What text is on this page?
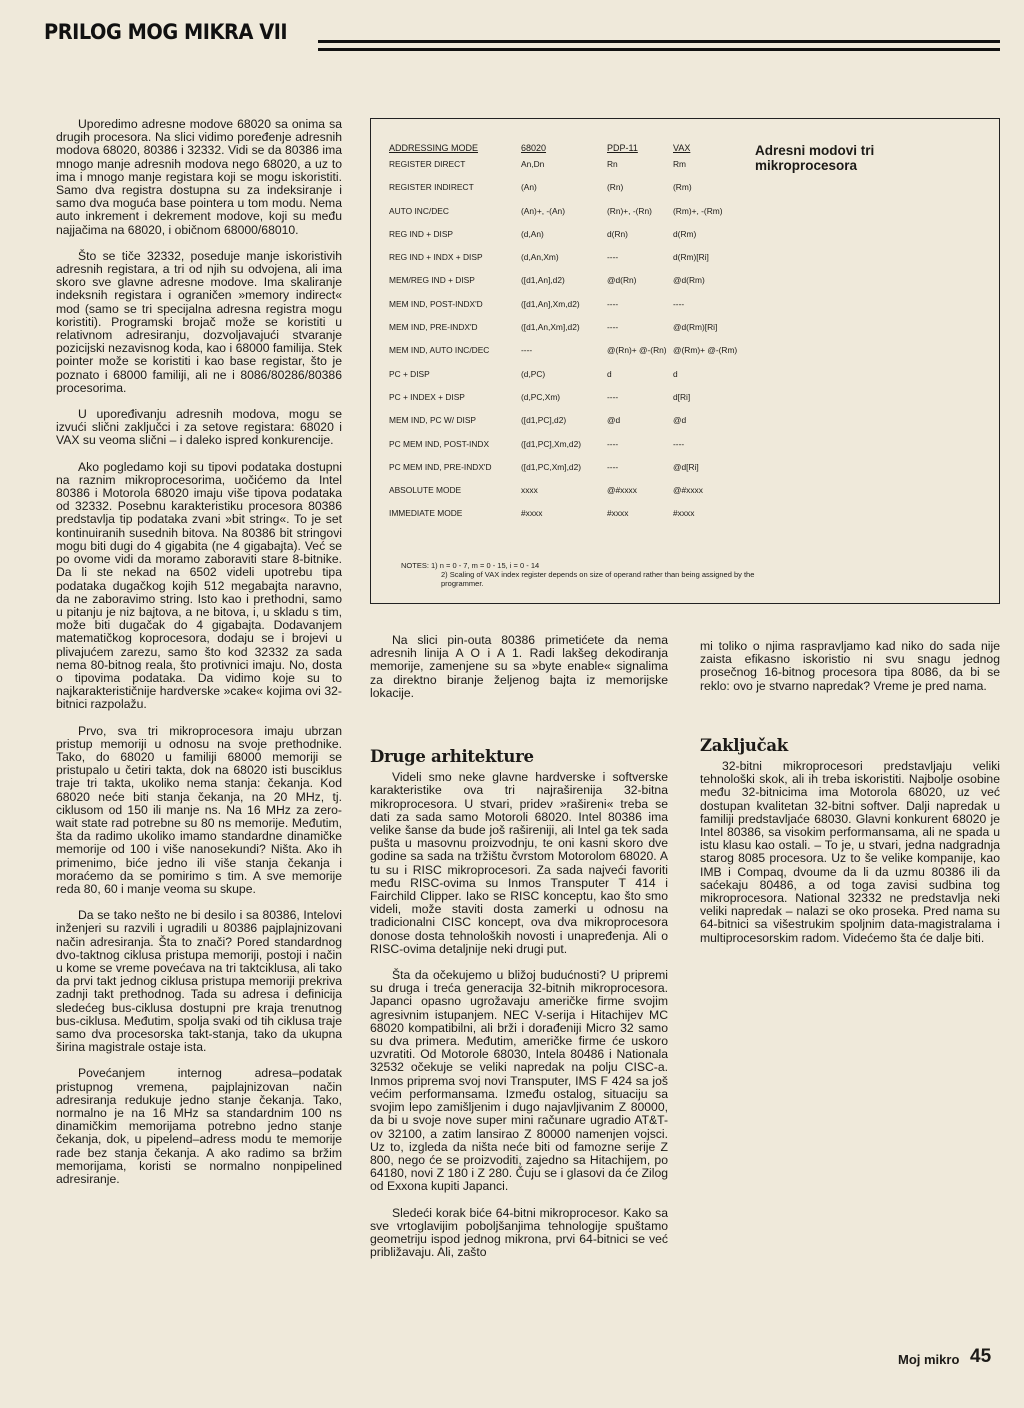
PRILOG MOG MIKRA VII

Uporedimo adresne modove 68020 sa onima sa drugih procesora. Na slici vidimo poređenje adresnih modova 68020, 80386 i 32332. Vidi se da 80386 ima mnogo manje adresnih modova nego 68020, a uz to ima i mnogo manje registara koji se mogu iskoristiti. Samo dva registra dostupna su za indeksiranje i samo dva moguća base pointera u tom modu. Nema auto inkrement i dekrement modove, koji su među najjačima na 68020, i običnom 68000/68010.

Što se tiče 32332, poseduje manje iskoristivih adresnih registara, a tri od njih su odvojena, ali ima skoro sve glavne adresne modove. Ima skaliranje indeksnih registara i ograničen »memory indirect« mod (samo se tri specijalna adresna registra mogu koristiti). Programski brojač može se koristiti u relativnom adresiranju, dozvoljavajući stvaranje pozicijski nezavisnog koda, kao i 68000 familija. Stek pointer može se koristiti i kao base registar, što je poznato i 68000 familiji, ali ne i 8086/80286/80386 procesorima.

U upoređivanju adresnih modova, mogu se izvući slični zaključci i za setove registara: 68020 i VAX su veoma slični – i daleko ispred konkurencije.

Ako pogledamo koji su tipovi podataka dostupni na raznim mikroprocesorima, uočićemo da Intel 80386 i Motorola 68020 imaju više tipova podataka od 32332. Posebnu karakteristiku procesora 80386 predstavlja tip podataka zvani »bit string«. To je set kontinuiranih susednih bitova. Na 80386 bit stringovi mogu biti dugi do 4 gigabita (ne 4 gigabajta). Već se po ovome vidi da moramo zaboraviti stare 8-bitnike. Da li ste nekad na 6502 videli upotrebu tipa podataka dugačkog kojih 512 megabajta naravno, da ne zaboravimo string. Isto kao i prethodni, samo u pitanju je niz bajtova, a ne bitova, i, u skladu s tim, može biti dugačak do 4 gigabajta. Dodavanjem matematičkog koprocesora, dodaju se i brojevi u plivajućem zarezu, samo što kod 32332 za sada nema 80-bitnog reala, što protivnici imaju. No, dosta o tipovima podataka. Da vidimo koje su to najkarakterističnije hardverske »cake« kojima ovi 32-bitnici razpolažu.

Prvo, sva tri mikroprocesora imaju ubrzan pristup memoriji u odnosu na svoje prethodnike. Tako, do 68020 u familiji 68000 memoriji se pristupalo u četiri takta, dok na 68020 isti busciklus traje tri takta, ukoliko nema stanja: čekanja. Kod 68020 neće biti stanja čekanja, na 20 MHz, tj. ciklusom od 150 ili manje ns. Na 16 MHz za zero-wait state rad potrebne su 80 ns memorije. Međutim, šta da radimo ukoliko imamo standardne dinamičke memorije od 100 i više nanosekundi? Ništa. Ako ih primenimo, biće jedno ili više stanja čekanja i moraćemo da se pomirimo s tim. A sve memorije reda 80, 60 i manje veoma su skupe.

Da se tako nešto ne bi desilo i sa 80386, Intelovi inženjeri su razvili i ugradili u 80386 pajplajnizovani način adresiranja. Šta to znači? Pored standardnog dvo-taktnog ciklusa pristupa memoriji, postoji i način u kome se vreme povećava na tri taktciklusa, ali tako da prvi takt jednog ciklusa pristupa memoriji prekriva zadnji takt prethodnog. Tada su adresa i definicija sledećeg bus-ciklusa dostupni pre kraja trenutnog bus-ciklusa. Međutim, spolja svaki od tih ciklusa traje samo dva procesorska takt-stanja, tako da ukupna širina magistrale ostaje ista.

Povećanjem internog adresa–podatak pristupnog vremena, pajplajnizovan način adresiranja redukuje jedno stanje čekanja. Tako, normalno je na 16 MHz sa standardnim 100 ns dinamičkim memorijama potrebno jedno stanje čekanja, dok, u pipelend–adress modu te memorije rade bez stanja čekanja. A ako radimo sa bržim memorijama, koristi se normalno nonpipelined adresiranje.

Adresni modovi tri mikroprocesora
ADDRESSING MODE	68020	PDP-11	VAX
REGISTER DIRECT	An,Dn	Rn	Rm
REGISTER INDIRECT	(An)	(Rn)	(Rm)
AUTO INC/DEC	(An)+, -(An)	(Rn)+, -(Rn)	(Rm)+, -(Rm)
REG IND + DISP	(d,An)	d(Rn)	d(Rm)
REG IND + INDX + DISP	(d,An,Xm)	----	d(Rm)[Ri]
MEM/REG IND + DISP	([d1,An],d2)	@d(Rn)	@d(Rm)
MEM IND, POST-INDX'D	([d1,An],Xm,d2)	----	----
MEM IND, PRE-INDX'D	([d1,An,Xm],d2)	----	@d(Rm)[Ri]
MEM IND, AUTO INC/DEC	----	@(Rn)+ @-(Rn)	@(Rm)+ @-(Rm)
PC + DISP	(d,PC)	d	d
PC + INDEX + DISP	(d,PC,Xm)	----	d[Ri]
MEM IND, PC W/ DISP	([d1,PC],d2)	@d	@d
PC MEM IND, POST-INDX	([d1,PC],Xm,d2)	----	----
PC MEM IND, PRE-INDX'D	([d1,PC,Xm],d2)	----	@d[Ri]
ABSOLUTE MODE	xxxx	@#xxxx	@#xxxx
IMMEDIATE MODE	#xxxx	#xxxx	#xxxx
NOTES: 1) n = 0 - 7, m = 0 - 15, i = 0 - 14
2) Scaling of VAX index register depends on size of operand rather than being assigned by the programmer.

Na slici pin-outa 80386 primetićete da nema adresnih linija A O i A 1. Radi lakšeg dekodiranja memorije, zamenjene su sa »byte enable« signalima za direktno biranje željenog bajta iz memorijske lokacije.

Druge arhitekture

Videli smo neke glavne hardverske i softverske karakteristike ova tri najraširenija 32-bitna mikroprocesora. U stvari, pridev »rašireni« treba se dati za sada samo Motoroli 68020. Intel 80386 ima velike šanse da bude još rašireniji, ali Intel ga tek sada pušta u masovnu proizvodnju, te oni kasni skoro dve godine sa sada na tržištu čvrstom Motorolom 68020. A tu su i RISC mikroprocesori. Za sada najveći favoriti među RISC-ovima su Inmos Transputer T 414 i Fairchild Clipper. Iako se RISC konceptu, kao što smo videli, može staviti dosta zamerki u odnosu na tradicionalni CISC koncept, ova dva mikroprocesora donose dosta tehnoloških novosti i unapređenja. Ali o RISC-ovima detaljnije neki drugi put.

Šta da očekujemo u bližoj budućnosti? U pripremi su druga i treća generacija 32-bitnih mikroprocesora. Japanci opasno ugrožavaju američke firme svojim agresivnim istupanjem. NEC V-serija i Hitachijev MC 68020 kompatibilni, ali brži i dorađeniji Micro 32 samo su dva primera. Međutim, američke firme će uskoro uzvratiti. Od Motorole 68030, Intela 80486 i Nationala 32532 očekuje se veliki napredak na polju CISC-a. Inmos priprema svoj novi Transputer, IMS F 424 sa još većim performansama. Između ostalog, situaciju sa svojim lepo zamišljenim i dugo najavljivanim Z 80000, da bi u svoje nove super mini računare ugradio AT&T-ov 32100, a zatim lansirao Z 80000 namenjen vojsci. Uz to, izgleda da ništa neće biti od famozne serije Z 800, nego će se proizvoditi, zajedno sa Hitachijem, po 64180, novi Z 180 i Z 280. Čuju se i glasovi da će Zilog od Exxona kupiti Japanci.

Sledeći korak biće 64-bitni mikroprocesor. Kako sa sve vrtoglavijim poboljšanjima tehnologije spuštamo geometriju ispod jednog mikrona, prvi 64-bitnici se već približavaju. Ali, zašto

mi toliko o njima raspravljamo kad niko do sada nije zaista efikasno iskoristio ni svu snagu jednog prosečnog 16-bitnog procesora tipa 8086, da bi se reklo: ovo je stvarno napredak? Vreme je pred nama.

Zaključak

32-bitni mikroprocesori predstavljaju veliki tehnološki skok, ali ih treba iskoristiti. Najbolje osobine među 32-bitnicima ima Motorola 68020, uz već dostupan kvalitetan 32-bitni softver. Dalji napredak u familiji predstavljaće 68030. Glavni konkurent 68020 je Intel 80386, sa visokim performansama, ali ne spada u istu klasu kao ostali. – To je, u stvari, jedna nadgradnja starog 8085 procesora. Uz to še velike kompanije, kao IMB i Compaq, dvoume da li da uzmu 80386 ili da saćekaju 80486, a od toga zavisi sudbina tog mikroprocesora. National 32332 ne predstavlja neki veliki napredak – nalazi se oko proseka. Pred nama su 64-bitnici sa višestrukim spoljnim data-magistralama i multiprocesorskim radom. Videćemo šta će dalje biti.

Moj mikro 45
